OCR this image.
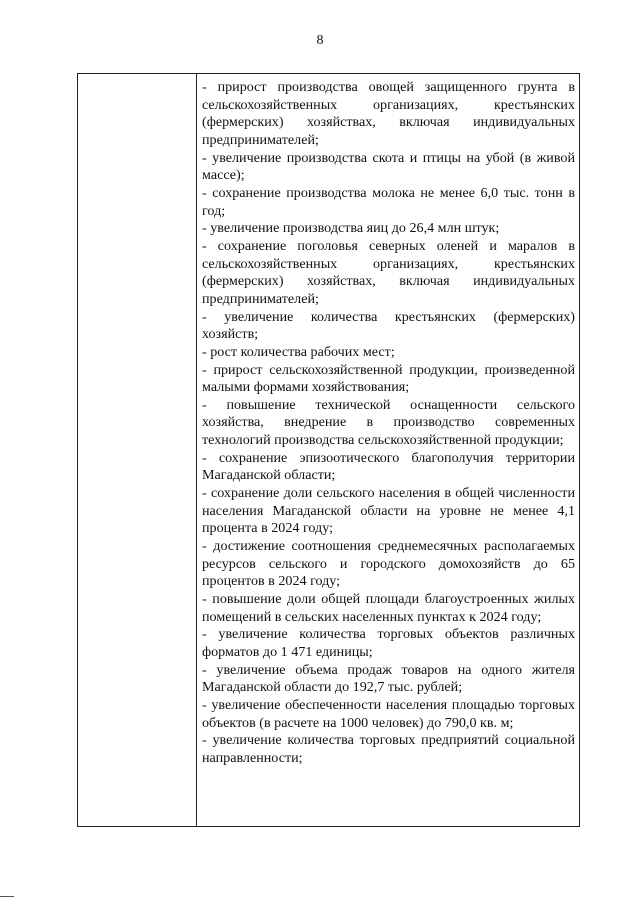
8

- прирост производства овощей защищенного грунта в сельскохозяйственных организациях, крестьянских (фермерских) хозяйствах, включая индивидуальных предпринимателей;

- увеличение производства скота и птицы на убой (в живой массе);

- сохранение производства молока не менее 6,0 тыс. тонн в год;

- увеличение производства яиц до 26,4 млн штук;

- сохранение поголовья северных оленей и маралов в сельскохозяйственных организациях, крестьянских (фермерских) хозяйствах, включая индивидуальных предпринимателей;

- увеличение количества крестьянских (фермерских) хозяйств;

- рост количества рабочих мест;

- прирост сельскохозяйственной продукции, произведенной малыми формами хозяйствования;

- повышение технической оснащенности сельского хозяйства, внедрение в производство современных технологий производства сельскохозяйственной продукции;

- сохранение эпизоотического благополучия территории Магаданской области;

- сохранение доли сельского населения в общей численности населения Магаданской области на уровне не менее 4,1 процента в 2024 году;

- достижение соотношения среднемесячных располагаемых ресурсов сельского и городского домохозяйств до 65 процентов в 2024 году;

- повышение доли общей площади благоустроенных жилых помещений в сельских населенных пунктах к 2024 году;

- увеличение количества торговых объектов различных форматов до 1 471 единицы;

- увеличение объема продаж товаров на одного жителя Магаданской области до 192,7 тыс. рублей;

- увеличение обеспеченности населения площадью торговых объектов (в расчете на 1000 человек) до 790,0 кв. м;

- увеличение количества торговых предприятий социальной направленности;
